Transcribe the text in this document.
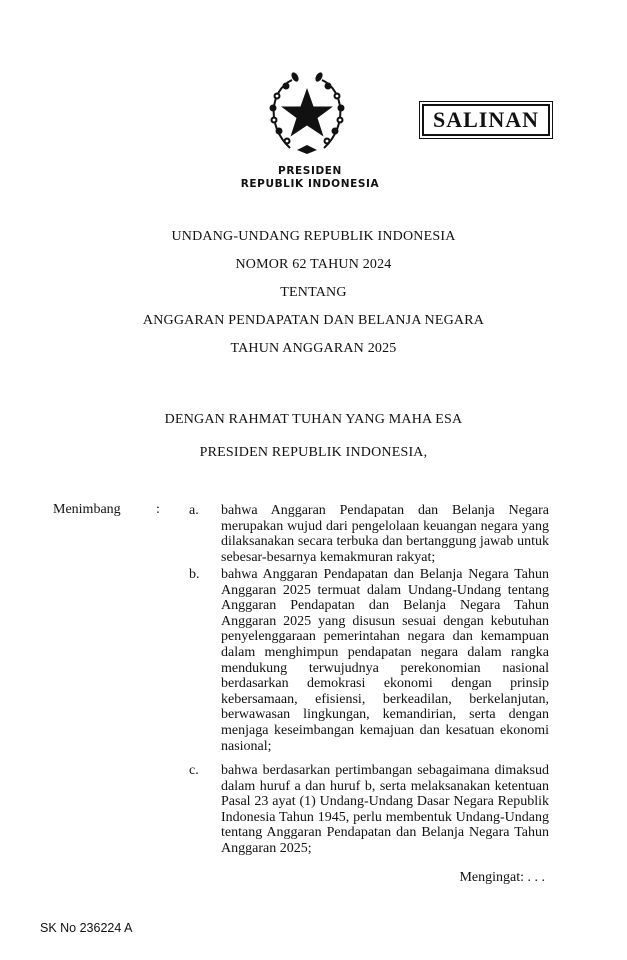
SALINAN
PRESIDEN
REPUBLIK INDONESIA
UNDANG-UNDANG REPUBLIK INDONESIA
NOMOR 62 TAHUN 2024
TENTANG
ANGGARAN PENDAPATAN DAN BELANJA NEGARA
TAHUN ANGGARAN 2025
DENGAN RAHMAT TUHAN YANG MAHA ESA
PRESIDEN REPUBLIK INDONESIA,
Menimbang	: a. bahwa Anggaran Pendapatan dan Belanja Negara merupakan wujud dari pengelolaan keuangan negara yang dilaksanakan secara terbuka dan bertanggung jawab untuk sebesar-besarnya kemakmuran rakyat;

b. bahwa Anggaran Pendapatan dan Belanja Negara Tahun Anggaran 2025 termuat dalam Undang-Undang tentang Anggaran Pendapatan dan Belanja Negara Tahun Anggaran 2025 yang disusun sesuai dengan kebutuhan penyelenggaraan pemerintahan negara dan kemampuan dalam menghimpun pendapatan negara dalam rangka mendukung terwujudnya perekonomian nasional berdasarkan demokrasi ekonomi dengan prinsip kebersamaan, efisiensi, berkeadilan, berkelanjutan, berwawasan lingkungan, kemandirian, serta dengan menjaga keseimbangan kemajuan dan kesatuan ekonomi nasional;

c. bahwa berdasarkan pertimbangan sebagaimana dimaksud dalam huruf a dan huruf b, serta melaksanakan ketentuan Pasal 23 ayat (1) Undang-Undang Dasar Negara Republik Indonesia Tahun 1945, perlu membentuk Undang-Undang tentang Anggaran Pendapatan dan Belanja Negara Tahun Anggaran 2025;

Mengingat: . . .
SK No 236224 A
